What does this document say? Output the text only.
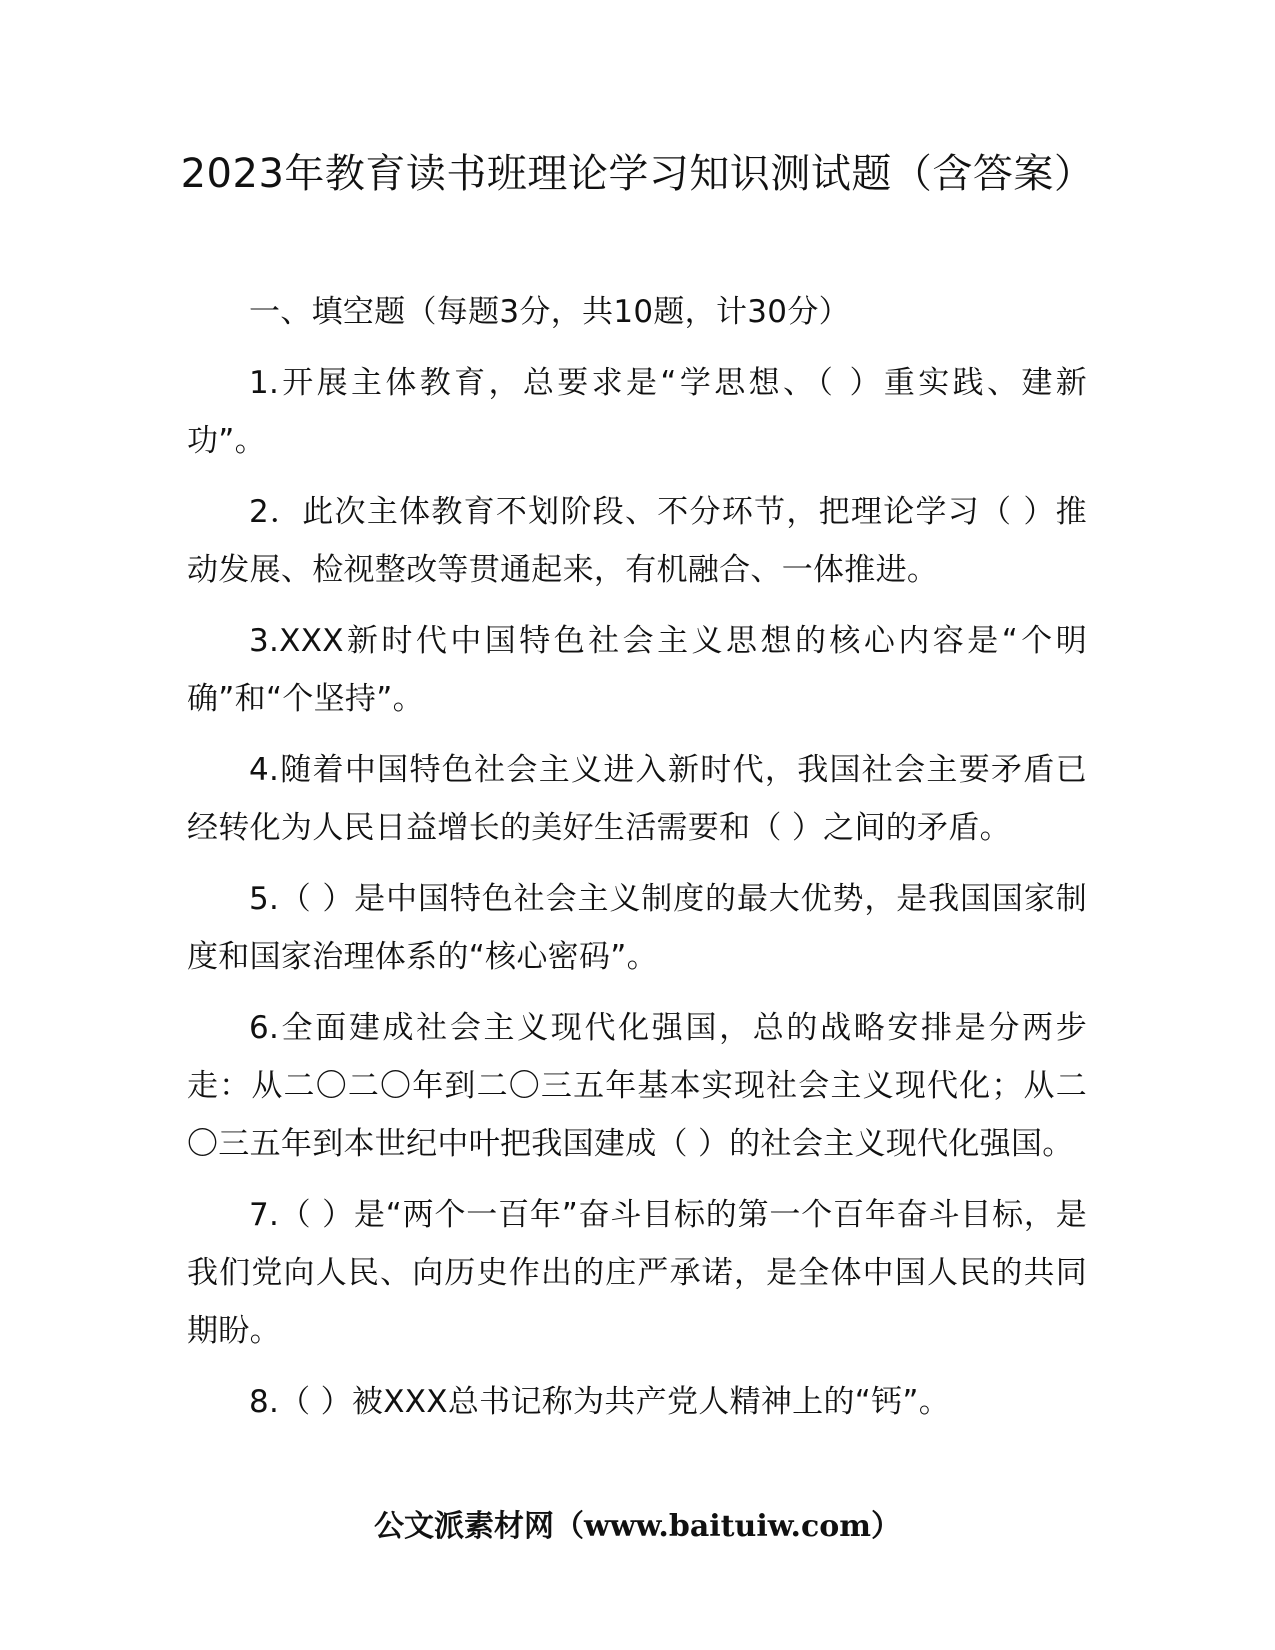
2023年教育读书班理论学习知识测试题（含答案）

一、填空题（每题3分，共10题，计30分）

1.开展主体教育，总要求是“学思想、（ ）重实践、建新功”。

2．此次主体教育不划阶段、不分环节，把理论学习（ ）推动发展、检视整改等贯通起来，有机融合、一体推进。

3.XXX新时代中国特色社会主义思想的核心内容是“个明确”和“个坚持”。

4.随着中国特色社会主义进入新时代，我国社会主要矛盾已经转化为人民日益增长的美好生活需要和（ ）之间的矛盾。

5.（ ）是中国特色社会主义制度的最大优势，是我国国家制度和国家治理体系的“核心密码”。

6.全面建成社会主义现代化强国，总的战略安排是分两步走：从二〇二〇年到二〇三五年基本实现社会主义现代化；从二〇三五年到本世纪中叶把我国建成（ ）的社会主义现代化强国。

7.（ ）是“两个一百年”奋斗目标的第一个百年奋斗目标，是我们党向人民、向历史作出的庄严承诺，是全体中国人民的共同期盼。

8.（ ）被XXX总书记称为共产党人精神上的“钙”。

公文派素材网（www.baituiw.com）
